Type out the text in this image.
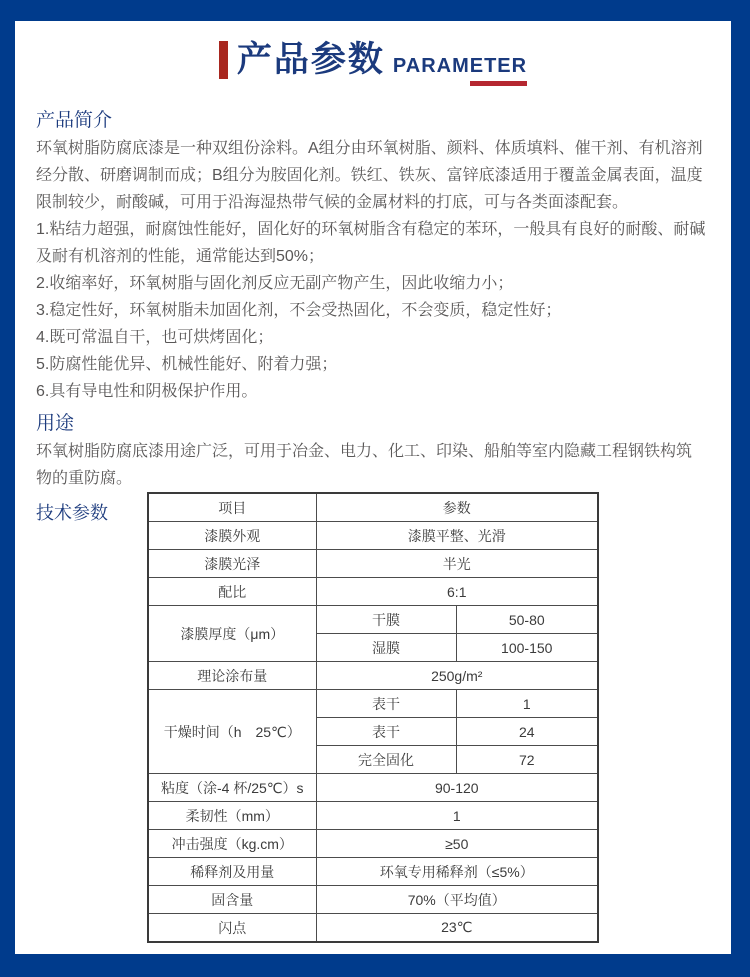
产品参数 PARAMETER
产品简介
环氧树脂防腐底漆是一种双组份涂料。A组分由环氧树脂、颜料、体质填料、催干剂、有机溶剂
经分散、研磨调制而成；B组分为胺固化剂。铁红、铁灰、富锌底漆适用于覆盖金属表面，温度
限制较少，耐酸碱，可用于沿海湿热带气候的金属材料的打底，可与各类面漆配套。
1.粘结力超强，耐腐蚀性能好，固化好的环氧树脂含有稳定的苯环，一般具有良好的耐酸、耐碱
及耐有机溶剂的性能，通常能达到50%；
2.收缩率好，环氧树脂与固化剂反应无副产物产生，因此收缩力小；
3.稳定性好，环氧树脂未加固化剂，不会受热固化，不会变质，稳定性好；
4.既可常温自干，也可烘烤固化；
5.防腐性能优异、机械性能好、附着力强；
6.具有导电性和阴极保护作用。
用途
环氧树脂防腐底漆用途广泛，可用于冶金、电力、化工、印染、船舶等室内隐藏工程钢铁构筑
物的重防腐。
技术参数	项目	参数	
漆膜外观	漆膜平整、光滑	
漆膜光泽	半光	
配比	6:1	
漆膜厚度（μm）	干膜	50-80
	湿膜	100-150
理论涂布量	250g/m²	
干燥时间（h　25℃）	表干	1
	表干	24
	完全固化	72
粘度（涂-4 杯/25℃）s	90-120	
柔韧性（mm）	1	
冲击强度（kg.cm）	≥50	
稀释剂及用量	环氧专用稀释剂（≤5%）	
固含量	70%（平均值）	
闪点	23℃	
